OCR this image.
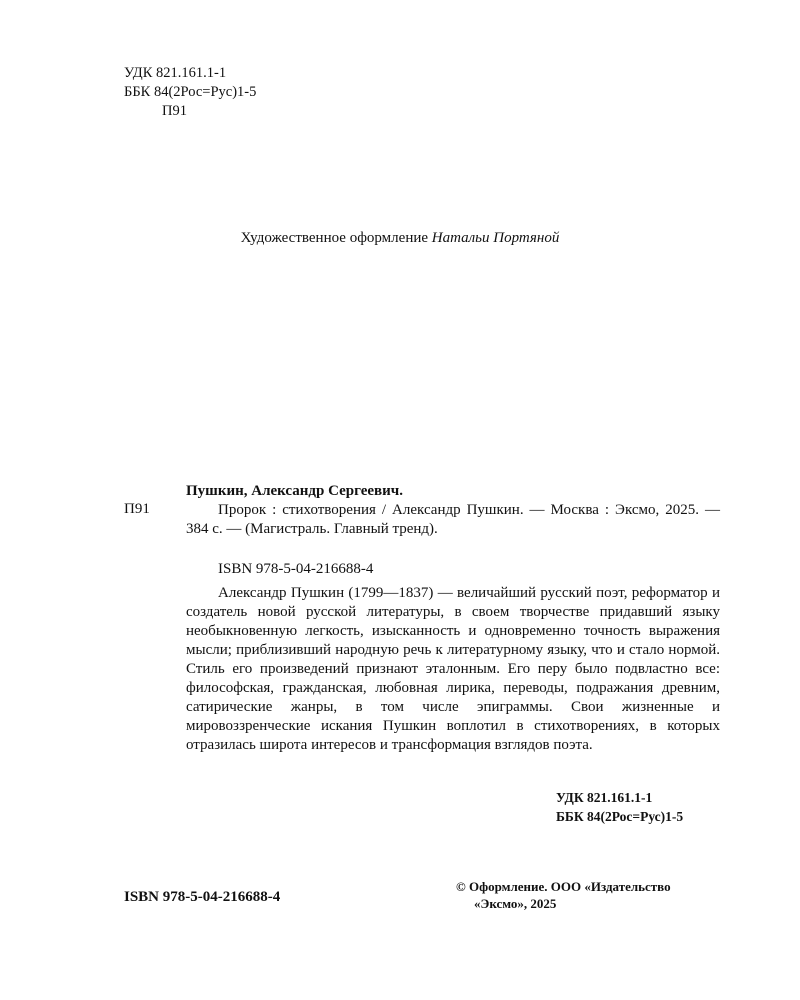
УДК 821.161.1-1
ББК 84(2Рос=Рус)1-5
П91
Художественное оформление Натальи Портяной
Пушкин, Александр Сергеевич.
П91	Пророк : стихотворения / Александр Пушкин. — Москва : Эксмо, 2025. — 384 с. — (Магистраль. Главный тренд).
ISBN 978-5-04-216688-4
Александр Пушкин (1799—1837) — величайший русский поэт, реформатор и создатель новой русской литературы, в своем творчестве придавший языку необыкновенную легкость, изысканность и одновременно точность выражения мысли; приблизивший народную речь к литературному языку, что и стало нормой. Стиль его произведений признают эталонным. Его перу было подвластно все: философская, гражданская, любовная лирика, переводы, подражания древним, сатирические жанры, в том числе эпиграммы. Свои жизненные и мировоззренческие искания Пушкин воплотил в стихотворениях, в которых отразилась широта интересов и трансформация взглядов поэта.
УДК 821.161.1-1
ББК 84(2Рос=Рус)1-5
ISBN 978-5-04-216688-4
© Оформление. ООО «Издательство
«Эксмо», 2025
